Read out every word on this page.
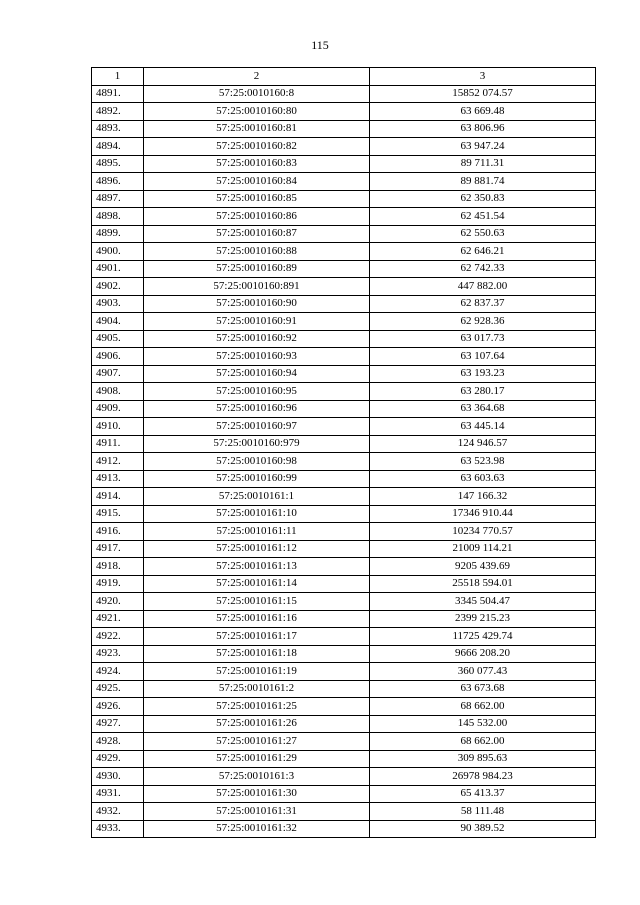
115
1	2	3
4891.	57:25:0010160:8	15852 074.57
4892.	57:25:0010160:80	63 669.48
4893.	57:25:0010160:81	63 806.96
4894.	57:25:0010160:82	63 947.24
4895.	57:25:0010160:83	89 711.31
4896.	57:25:0010160:84	89 881.74
4897.	57:25:0010160:85	62 350.83
4898.	57:25:0010160:86	62 451.54
4899.	57:25:0010160:87	62 550.63
4900.	57:25:0010160:88	62 646.21
4901.	57:25:0010160:89	62 742.33
4902.	57:25:0010160:891	447 882.00
4903.	57:25:0010160:90	62 837.37
4904.	57:25:0010160:91	62 928.36
4905.	57:25:0010160:92	63 017.73
4906.	57:25:0010160:93	63 107.64
4907.	57:25:0010160:94	63 193.23
4908.	57:25:0010160:95	63 280.17
4909.	57:25:0010160:96	63 364.68
4910.	57:25:0010160:97	63 445.14
4911.	57:25:0010160:979	124 946.57
4912.	57:25:0010160:98	63 523.98
4913.	57:25:0010160:99	63 603.63
4914.	57:25:0010161:1	147 166.32
4915.	57:25:0010161:10	17346 910.44
4916.	57:25:0010161:11	10234 770.57
4917.	57:25:0010161:12	21009 114.21
4918.	57:25:0010161:13	9205 439.69
4919.	57:25:0010161:14	25518 594.01
4920.	57:25:0010161:15	3345 504.47
4921.	57:25:0010161:16	2399 215.23
4922.	57:25:0010161:17	11725 429.74
4923.	57:25:0010161:18	9666 208.20
4924.	57:25:0010161:19	360 077.43
4925.	57:25:0010161:2	63 673.68
4926.	57:25:0010161:25	68 662.00
4927.	57:25:0010161:26	145 532.00
4928.	57:25:0010161:27	68 662.00
4929.	57:25:0010161:29	309 895.63
4930.	57:25:0010161:3	26978 984.23
4931.	57:25:0010161:30	65 413.37
4932.	57:25:0010161:31	58 111.48
4933.	57:25:0010161:32	90 389.52
